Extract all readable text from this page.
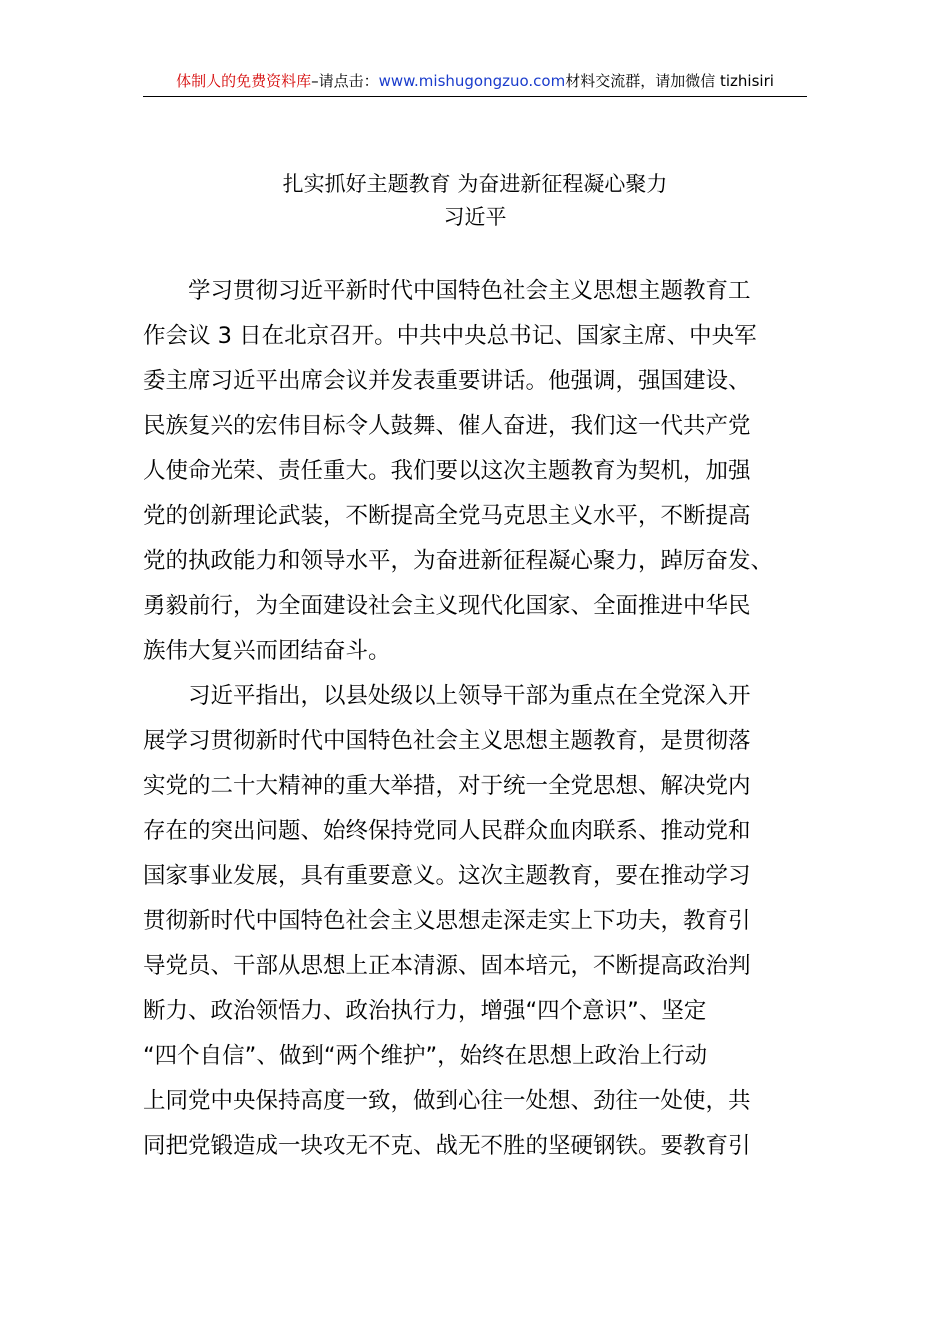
体制人的免费资料库–请点击：www.mishugongzuo.com材料交流群，请加微信 tizhisiri
扎实抓好主题教育 为奋进新征程凝心聚力
习近平
学习贯彻习近平新时代中国特色社会主义思想主题教育工
作会议 3 日在北京召开。中共中央总书记、国家主席、中央军
委主席习近平出席会议并发表重要讲话。他强调，强国建设、
民族复兴的宏伟目标令人鼓舞、催人奋进，我们这一代共产党
人使命光荣、责任重大。我们要以这次主题教育为契机，加强
党的创新理论武装，不断提高全党马克思主义水平，不断提高
党的执政能力和领导水平，为奋进新征程凝心聚力，踔厉奋发、
勇毅前行，为全面建设社会主义现代化国家、全面推进中华民
族伟大复兴而团结奋斗。
习近平指出，以县处级以上领导干部为重点在全党深入开
展学习贯彻新时代中国特色社会主义思想主题教育，是贯彻落
实党的二十大精神的重大举措，对于统一全党思想、解决党内
存在的突出问题、始终保持党同人民群众血肉联系、推动党和
国家事业发展，具有重要意义。这次主题教育，要在推动学习
贯彻新时代中国特色社会主义思想走深走实上下功夫，教育引
导党员、干部从思想上正本清源、固本培元，不断提高政治判
断力、政治领悟力、政治执行力，增强“四个意识”、坚定
“四个自信”、做到“两个维护”，始终在思想上政治上行动
上同党中央保持高度一致，做到心往一处想、劲往一处使，共
同把党锻造成一块攻无不克、战无不胜的坚硬钢铁。要教育引
